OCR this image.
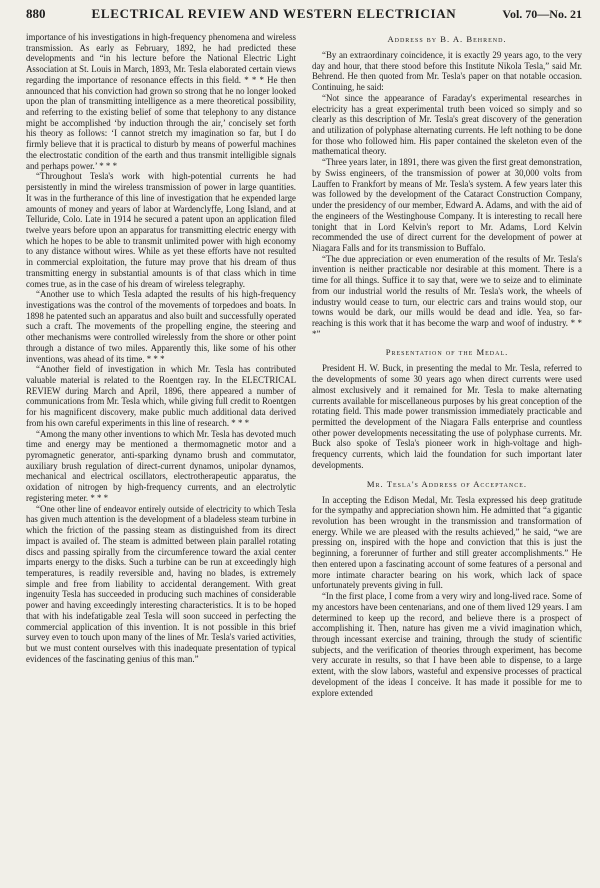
880	ELECTRICAL REVIEW AND WESTERN ELECTRICIAN	Vol. 70—No. 21

importance of his investigations in high-frequency phenomena and wireless transmission. As early as February, 1892, he had predicted these developments and “in his lecture before the National Electric Light Association at St. Louis in March, 1893, Mr. Tesla elaborated certain views regarding the importance of resonance effects in this field. * * * He then announced that his conviction had grown so strong that he no longer looked upon the plan of transmitting intelligence as a mere theoretical possibility, and referring to the existing belief of some that telephony to any distance might be accomplished ‘by induction through the air,’ concisely set forth his theory as follows: ‘I cannot stretch my imagination so far, but I do firmly believe that it is practical to disturb by means of powerful machines the electrostatic condition of the earth and thus transmit intelligible signals and perhaps power.’ * * *

“Throughout Tesla's work with high-potential currents he had persistently in mind the wireless transmission of power in large quantities. It was in the furtherance of this line of investigation that he expended large amounts of money and years of labor at Wardenclyffe, Long Island, and at Telluride, Colo. Late in 1914 he secured a patent upon an application filed twelve years before upon an apparatus for transmitting electric energy with which he hopes to be able to transmit unlimited power with high economy to any distance without wires. While as yet these efforts have not resulted in commercial exploitation, the future may prove that his dream of thus transmitting energy in substantial amounts is of that class which in time comes true, as in the case of his dream of wireless telegraphy.

“Another use to which Tesla adapted the results of his high-frequency investigations was the control of the movements of torpedoes and boats. In 1898 he patented such an apparatus and also built and successfully operated such a craft. The movements of the propelling engine, the steering and other mechanisms were controlled wirelessly from the shore or other point through a distance of two miles. Apparently this, like some of his other inventions, was ahead of its time. * * *

“Another field of investigation in which Mr. Tesla has contributed valuable material is related to the Roentgen ray. In the ELECTRICAL REVIEW during March and April, 1896, there appeared a number of communications from Mr. Tesla which, while giving full credit to Roentgen for his magnificent discovery, make public much additional data derived from his own careful experiments in this line of research. * * *

“Among the many other inventions to which Mr. Tesla has devoted much time and energy may be mentioned a thermomagnetic motor and a pyromagnetic generator, anti-sparking dynamo brush and commutator, auxiliary brush regulation of direct-current dynamos, unipolar dynamos, mechanical and electrical oscillators, electrotherapeutic apparatus, the oxidation of nitrogen by high-frequency currents, and an electrolytic registering meter. * * *

“One other line of endeavor entirely outside of electricity to which Tesla has given much attention is the development of a bladeless steam turbine in which the friction of the passing steam as distinguished from its direct impact is availed of. The steam is admitted between plain parallel rotating discs and passing spirally from the circumference toward the axial center imparts energy to the disks. Such a turbine can be run at exceedingly high temperatures, is readily reversible and, having no blades, is extremely simple and free from liability to accidental derangement. With great ingenuity Tesla has succeeded in producing such machines of considerable power and having exceedingly interesting characteristics. It is to be hoped that with his indefatigable zeal Tesla will soon succeed in perfecting the commercial application of this invention. It is not possible in this brief survey even to touch upon many of the lines of Mr. Tesla's varied activities, but we must content ourselves with this inadequate presentation of typical evidences of the fascinating genius of this man.”

Address by B. A. Behrend.

“By an extraordinary coincidence, it is exactly 29 years ago, to the very day and hour, that there stood before this Institute Nikola Tesla,” said Mr. Behrend. He then quoted from Mr. Tesla's paper on that notable occasion. Continuing, he said:

“Not since the appearance of Faraday's experimental researches in electricity has a great experimental truth been voiced so simply and so clearly as this description of Mr. Tesla's great discovery of the generation and utilization of polyphase alternating currents. He left nothing to be done for those who followed him. His paper contained the skeleton even of the mathematical theory.

“Three years later, in 1891, there was given the first great demonstration, by Swiss engineers, of the transmission of power at 30,000 volts from Lauffen to Frankfort by means of Mr. Tesla's system. A few years later this was followed by the development of the Cataract Construction Company, under the presidency of our member, Edward A. Adams, and with the aid of the engineers of the Westinghouse Company. It is interesting to recall here tonight that in Lord Kelvin's report to Mr. Adams, Lord Kelvin recommended the use of direct current for the development of power at Niagara Falls and for its transmission to Buffalo.

“The due appreciation or even enumeration of the results of Mr. Tesla's invention is neither practicable nor desirable at this moment. There is a time for all things. Suffice it to say that, were we to seize and to eliminate from our industrial world the results of Mr. Tesla's work, the wheels of industry would cease to turn, our electric cars and trains would stop, our towns would be dark, our mills would be dead and idle. Yea, so far-reaching is this work that it has become the warp and woof of industry. * * *”

Presentation of the Medal.

President H. W. Buck, in presenting the medal to Mr. Tesla, referred to the developments of some 30 years ago when direct currents were used almost exclusively and it remained for Mr. Tesla to make alternating currents available for miscellaneous purposes by his great conception of the rotating field. This made power transmission immediately practicable and permitted the development of the Niagara Falls enterprise and countless other power developments necessitating the use of polyphase currents. Mr. Buck also spoke of Tesla's pioneer work in high-voltage and high-frequency currents, which laid the foundation for such important later developments.

Mr. Tesla's Address of Acceptance.

In accepting the Edison Medal, Mr. Tesla expressed his deep gratitude for the sympathy and appreciation shown him. He admitted that “a gigantic revolution has been wrought in the transmission and transformation of energy. While we are pleased with the results achieved,” he said, “we are pressing on, inspired with the hope and conviction that this is just the beginning, a forerunner of further and still greater accomplishments.” He then entered upon a fascinating account of some features of a personal and more intimate character bearing on his work, which lack of space unfortunately prevents giving in full.

“In the first place, I come from a very wiry and long-lived race. Some of my ancestors have been centenarians, and one of them lived 129 years. I am determined to keep up the record, and believe there is a prospect of accomplishing it. Then, nature has given me a vivid imagination which, through incessant exercise and training, through the study of scientific subjects, and the verification of theories through experiment, has become very accurate in results, so that I have been able to dispense, to a large extent, with the slow labors, wasteful and expensive processes of practical development of the ideas I conceive. It has made it possible for me to explore extended
